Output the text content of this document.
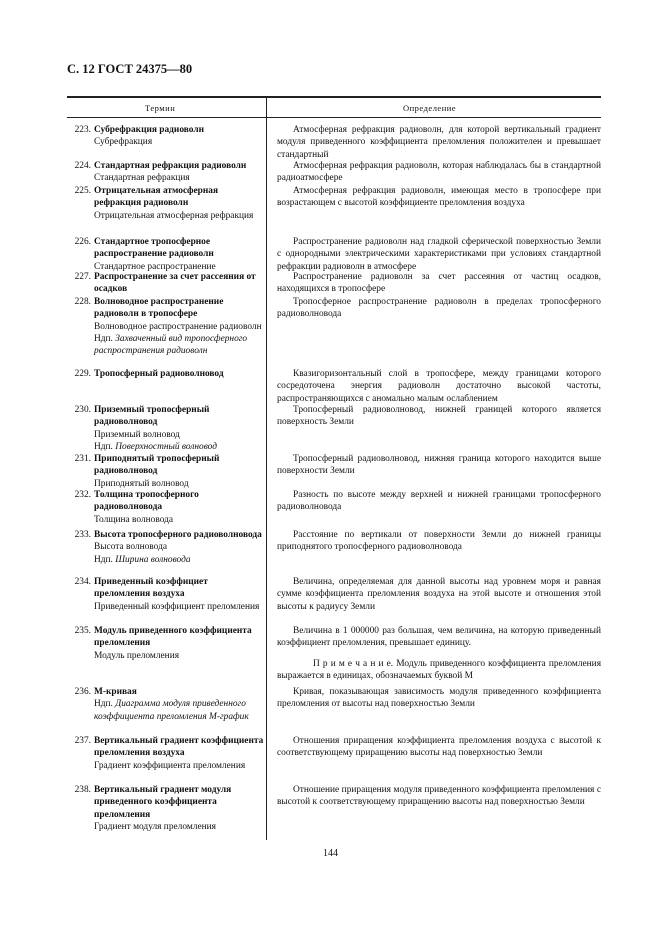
С. 12 ГОСТ 24375—80
Термин	Определение
223. Субрефракция радиоволн
Субрефракция

Атмосферная рефракция радиоволн, для которой вертикальный градиент модуля приведенного коэффициента преломления положителен и превышает стандартный

224. Стандартная рефракция радиоволн
Стандартная рефракция

Атмосферная рефракция радиоволн, которая наблюдалась бы в стандартной радиоатмосфере

225. Отрицательная атмосферная рефракция радиоволн
Отрицательная атмосферная рефракция

Атмосферная рефракция радиоволн, имеющая место в тропосфере при возрастающем с высотой коэффициенте преломления воздуха

226. Стандартное тропосферное распространение радиоволн
Стандартное распространение

Распространение радиоволн над гладкой сферической поверхностью Земли с однородными электрическими характеристиками при условиях стандартной рефракции радиоволн в атмосфере

227. Распространение за счет рассеяния от осадков

Распространение радиоволн за счет рассеяния от частиц осадков, находящихся в тропосфере

228. Волноводное распространение радиоволн в тропосфере
Волноводное распространение радиоволн
Ндп. Захваченный вид тропосферного распространения радиоволн

Тропосферное распространение радиоволн в пределах тропосферного радиоволновода

229. Тропосферный радиоволновод	Квазигоризонтальный слой в тропосфере, между границами которого сосредоточена энергия радиоволн достаточно высокой частоты, распространяющихся с аномально малым ослаблением

230. Приземный тропосферный радиоволновод
Приземный волновод
Ндп. Поверхностный волновод

Тропосферный радиоволновод, нижней границей которого является поверхность Земли

231. Приподнятый тропосферный радиоволновод
Приподнятый волновод

Тропосферный радиоволновод, нижняя граница которого находится выше поверхности Земли

232. Толщина тропосферного радиоволновода
Толщина волновода

Разность по высоте между верхней и нижней границами тропосферного радиоволновода

233. Высота тропосферного радиоволновода
Высота волновода
Ндп. Ширина волновода

Расстояние по вертикали от поверхности Земли до нижней границы приподнятого тропосферного радиоволновода

234. Приведенный коэффициет преломления воздуха
Приведенный коэффициент преломления

Величина, определяемая для данной высоты над уровнем моря и равная сумме коэффициента преломления воздуха на этой высоте и отношения этой высоты к радиусу Земли

235. Модуль приведенного коэффициента преломления
Модуль преломления

Величина в 1 000000 раз большая, чем величина, на которую приведенный коэффициент преломления, превышает единицу.

П р и м е ч а н и е. Модуль приведенного коэффициента преломления выражается в единицах, обозначаемых буквой М

236. М-кривая
Ндп. Диаграмма модуля приведенного коэффициента преломления М-график

Кривая, показывающая зависимость модуля приведенного коэффициента преломления от высоты над поверхностью Земли

237. Вертикальный градиент коэффициента преломления воздуха
Градиент коэффициента преломления

Отношения приращения коэффициента преломления воздуха с высотой к соответствующему приращению высоты над поверхностью Земли

238. Вертикальный градиент модуля приведенного коэффициента преломления
Градиент модуля преломления

Отношение приращения модуля приведенного коэффициента преломления с высотой к соответствующему приращению высоты над поверхностью Земли

144
